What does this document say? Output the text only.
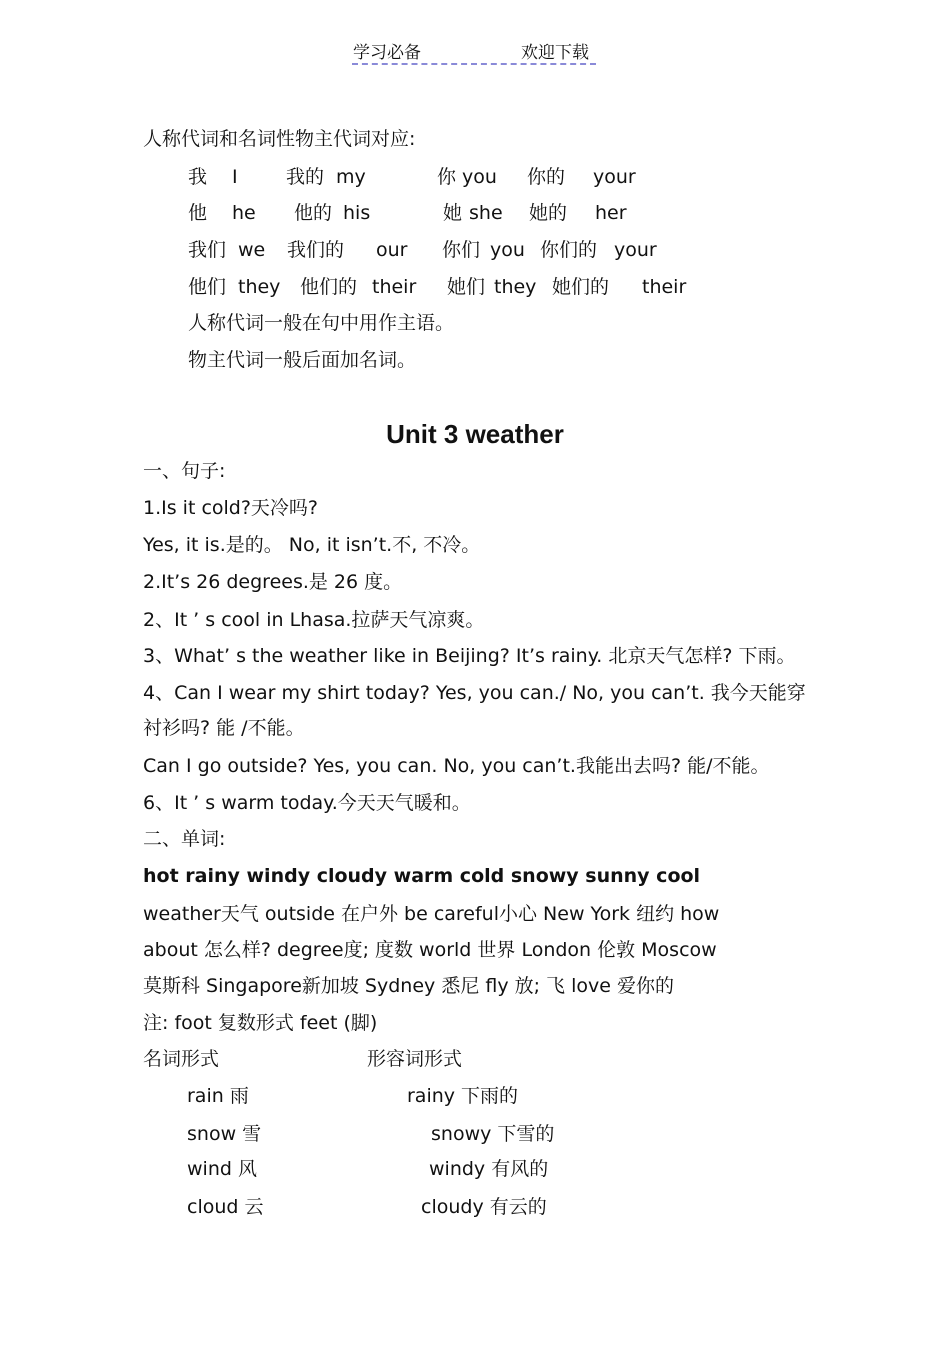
学习必备	欢迎下载
人称代词和名词性物主代词对应:
我 I	我的 my	你 you 你的 your
他 he 他的 his	她 she 她的 her
我们 we 我们的 our 你们 you 你们的 your
他们 they 他们的 their 她们 they 她们的 their
人称代词一般在句中用作主语。
物主代词一般后面加名词。
Unit 3 weather
一、句子:
1.Is it cold?天冷吗?
Yes, it is.是的。 No, it isn’t.不, 不冷。
2.It’s 26 degrees.是 26 度。
2、It ’ s cool in Lhasa.拉萨天气凉爽。
3、What’ s the weather like in Beijing? It’s rainy. 北京天气怎样? 下雨。
4、Can I wear my shirt today? Yes, you can./ No, you can’t. 我今天能穿
衬衫吗? 能 /不能。
Can I go outside? Yes, you can. No, you can’t.我能出去吗? 能/不能。
6、It ’ s warm today.今天天气暖和。
二、单词:
hot rainy windy cloudy warm cold snowy sunny cool
weather天气 outside 在户外 be careful小心 New York 纽约 how
about 怎么样? degree度; 度数 world 世界 London 伦敦 Moscow
莫斯科 Singapore新加坡 Sydney 悉尼 fly 放; 飞 love 爱你的
注: foot 复数形式 feet (脚)
名词形式	形容词形式
rain 雨	rainy 下雨的
snow 雪	snowy 下雪的
wind 风	windy 有风的
cloud 云	cloudy 有云的
